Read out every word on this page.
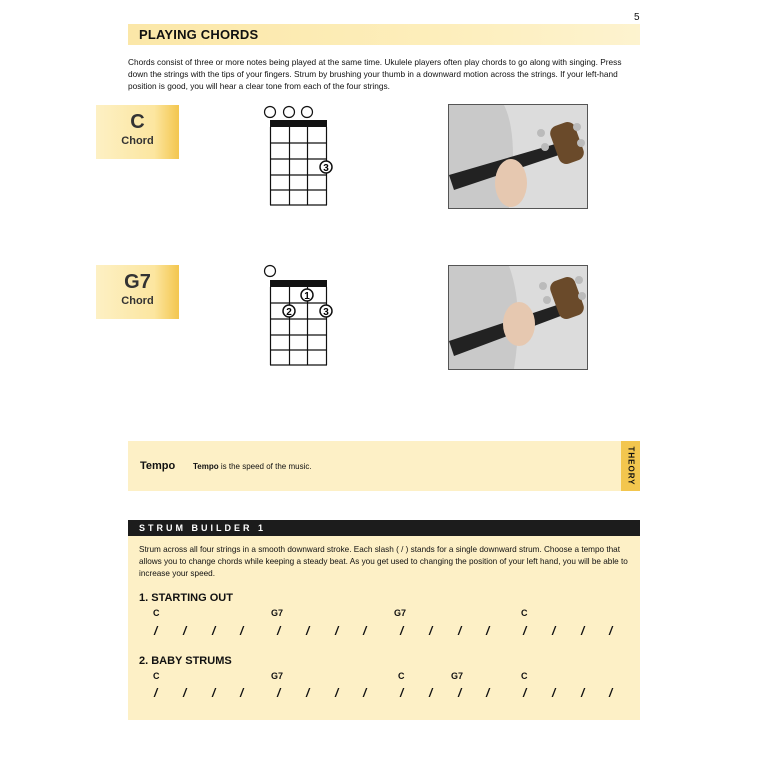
5
PLAYING CHORDS
Chords consist of three or more notes being played at the same time. Ukulele players often play chords to go along with singing. Press down the strings with the tips of your fingers. Strum by brushing your thumb in a downward motion across the strings. If your left-hand position is good, you will hear a clear tone from each of the four strings.
C
Chord
3
G7
Chord	1
2	3
THEORY
Tempo Tempo is the speed of the music.
STRUM BUILDER 1
Strum across all four strings in a smooth downward stroke. Each slash ( / ) stands for a single downward strum. Choose a tempo that allows you to change chords while keeping a steady beat. As you get used to changing the position of your left hand, you will be able to increase your speed.
1. STARTING OUT
C	G7	G7	C
/ / / /	/ / / /	/ / / /	/ / / /
2. BABY STRUMS
C	G7	C	G7	C
/ / / /	/ / / /	/ / / /	/ / / /
